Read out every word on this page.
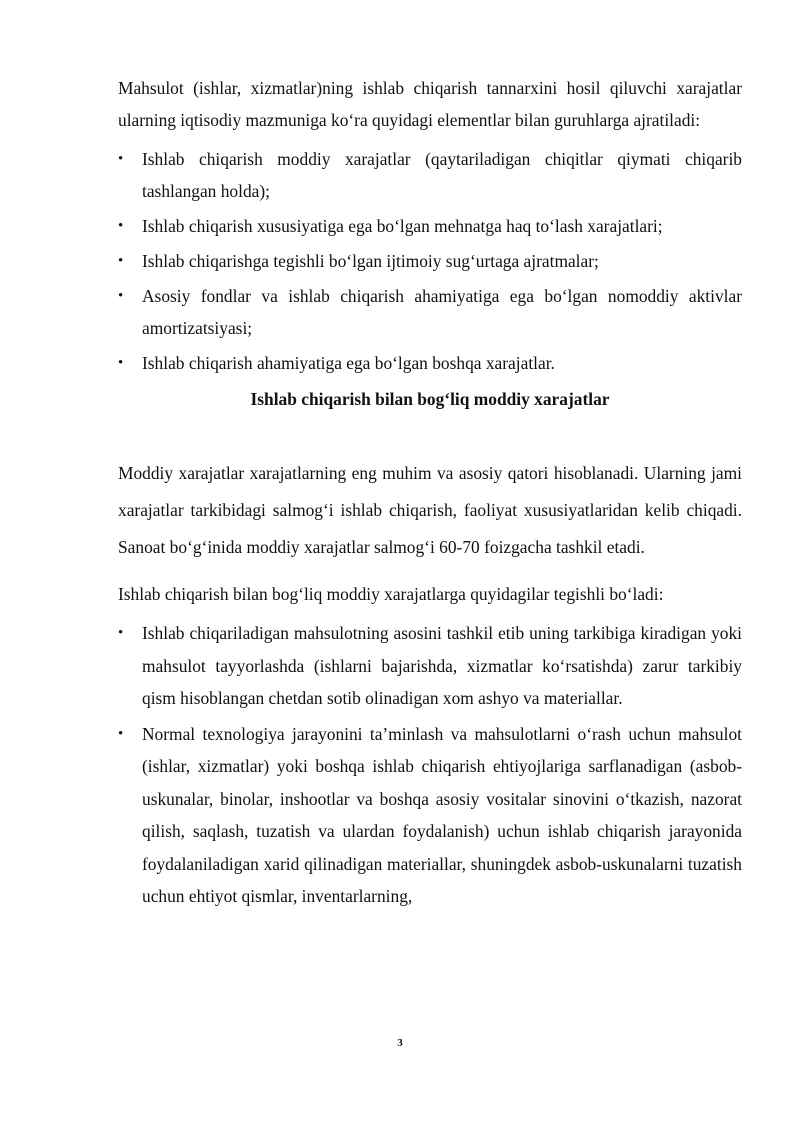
Mahsulot (ishlar, xizmatlar)ning ishlab chiqarish tannarxini hosil qiluvchi xarajatlar ularning iqtisodiy mazmuniga koʻra quyidagi elementlar bilan guruhlarga ajratiladi:

• Ishlab chiqarish moddiy xarajatlar (qaytariladigan chiqitlar qiymati chiqarib tashlangan holda);
• Ishlab chiqarish xususiyatiga ega boʻlgan mehnatga haq toʻlash xarajatlari;
• Ishlab chiqarishga tegishli boʻlgan ijtimoiy sugʻurtaga ajratmalar;
• Asosiy fondlar va ishlab chiqarish ahamiyatiga ega boʻlgan nomoddiy aktivlar amortizatsiyasi;
• Ishlab chiqarish ahamiyatiga ega boʻlgan boshqa xarajatlar.
Ishlab chiqarish bilan bogʻliq moddiy xarajatlar

Moddiy xarajatlar xarajatlarning eng muhim va asosiy qatori hisoblanadi. Ularning jami xarajatlar tarkibidagi salmogʻi ishlab chiqarish, faoliyat xususiyatlaridan kelib chiqadi. Sanoat boʻgʻinida moddiy xarajatlar salmogʻi 60-70 foizgacha tashkil etadi.

Ishlab chiqarish bilan bogʻliq moddiy xarajatlarga quyidagilar tegishli boʻladi:

• Ishlab chiqariladigan mahsulotning asosini tashkil etib uning tarkibiga kiradigan yoki mahsulot tayyorlashda (ishlarni bajarishda, xizmatlar koʻrsatishda) zarur tarkibiy qism hisoblangan chetdan sotib olinadigan xom ashyo va materiallar.
• Normal texnologiya jarayonini taʼminlash va mahsulotlarni oʻrash uchun mahsulot (ishlar, xizmatlar) yoki boshqa ishlab chiqarish ehtiyojlariga sarflanadigan (asbob-uskunalar, binolar, inshootlar va boshqa asosiy vositalar sinovini oʻtkazish, nazorat qilish, saqlash, tuzatish va ulardan foydalanish) uchun ishlab chiqarish jarayonida foydalaniladigan xarid qilinadigan materiallar, shuningdek asbob-uskunalarni tuzatish uchun ehtiyot qismlar, inventarlarning,
3
